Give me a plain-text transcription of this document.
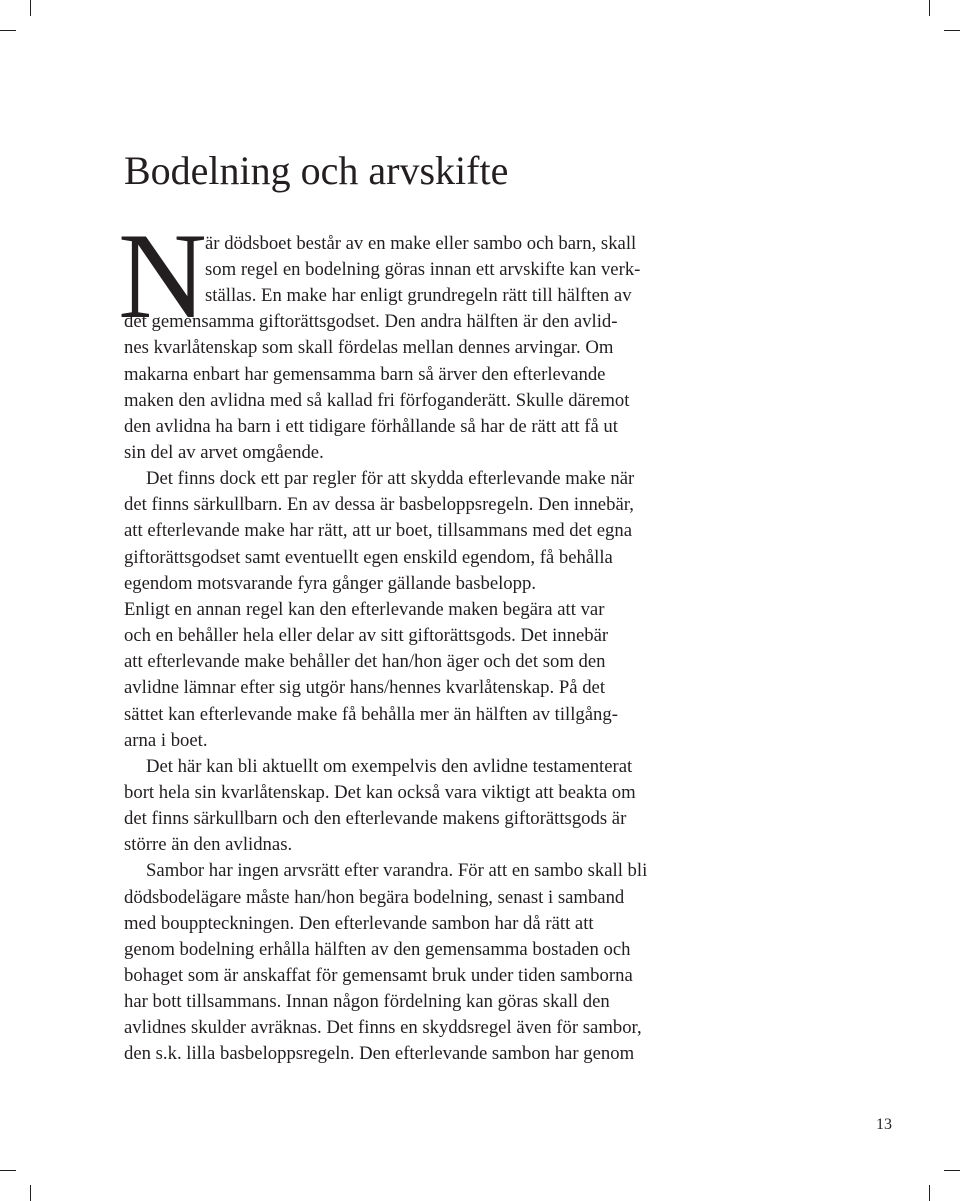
Bodelning och arvskifte
N

är dödsboet består av en make eller sambo och barn, skall

som regel en bodelning göras innan ett arvskifte kan verk-

ställas. En make har enligt grundregeln rätt till hälften av

det gemensamma giftorättsgodset. Den andra hälften är den avlid-

nes kvarlåtenskap som skall fördelas mellan dennes arvingar. Om

makarna enbart har gemensamma barn så ärver den efterlevande

maken den avlidna med så kallad fri förfoganderätt. Skulle däremot

den avlidna ha barn i ett tidigare förhållande så har de rätt att få ut

sin del av arvet omgående.

Det finns dock ett par regler för att skydda efterlevande make när

det finns särkullbarn. En av dessa är basbeloppsregeln. Den innebär,

att efterlevande make har rätt, att ur boet, tillsammans med det egna

giftorättsgodset samt eventuellt egen enskild egendom, få behålla

egendom motsvarande fyra gånger gällande basbelopp.

Enligt en annan regel kan den efterlevande maken begära att var

och en behåller hela eller delar av sitt giftorättsgods. Det innebär

att efterlevande make behåller det han/hon äger och det som den

avlidne lämnar efter sig utgör hans/hennes kvarlåtenskap. På det

sättet kan efterlevande make få behålla mer än hälften av tillgång-

arna i boet.

Det här kan bli aktuellt om exempelvis den avlidne testamenterat

bort hela sin kvarlåtenskap. Det kan också vara viktigt att beakta om

det finns särkullbarn och den efterlevande makens giftorättsgods är

större än den avlidnas.

Sambor har ingen arvsrätt efter varandra. För att en sambo skall bli

dödsbodelägare måste han/hon begära bodelning, senast i samband

med bouppteckningen. Den efterlevande sambon har då rätt att

genom bodelning erhålla hälften av den gemensamma bostaden och

bohaget som är anskaffat för gemensamt bruk under tiden samborna

har bott tillsammans. Innan någon fördelning kan göras skall den

avlidnes skulder avräknas. Det finns en skyddsregel även för sambor,

den s.k. lilla basbeloppsregeln. Den efterlevande sambon har genom

13
